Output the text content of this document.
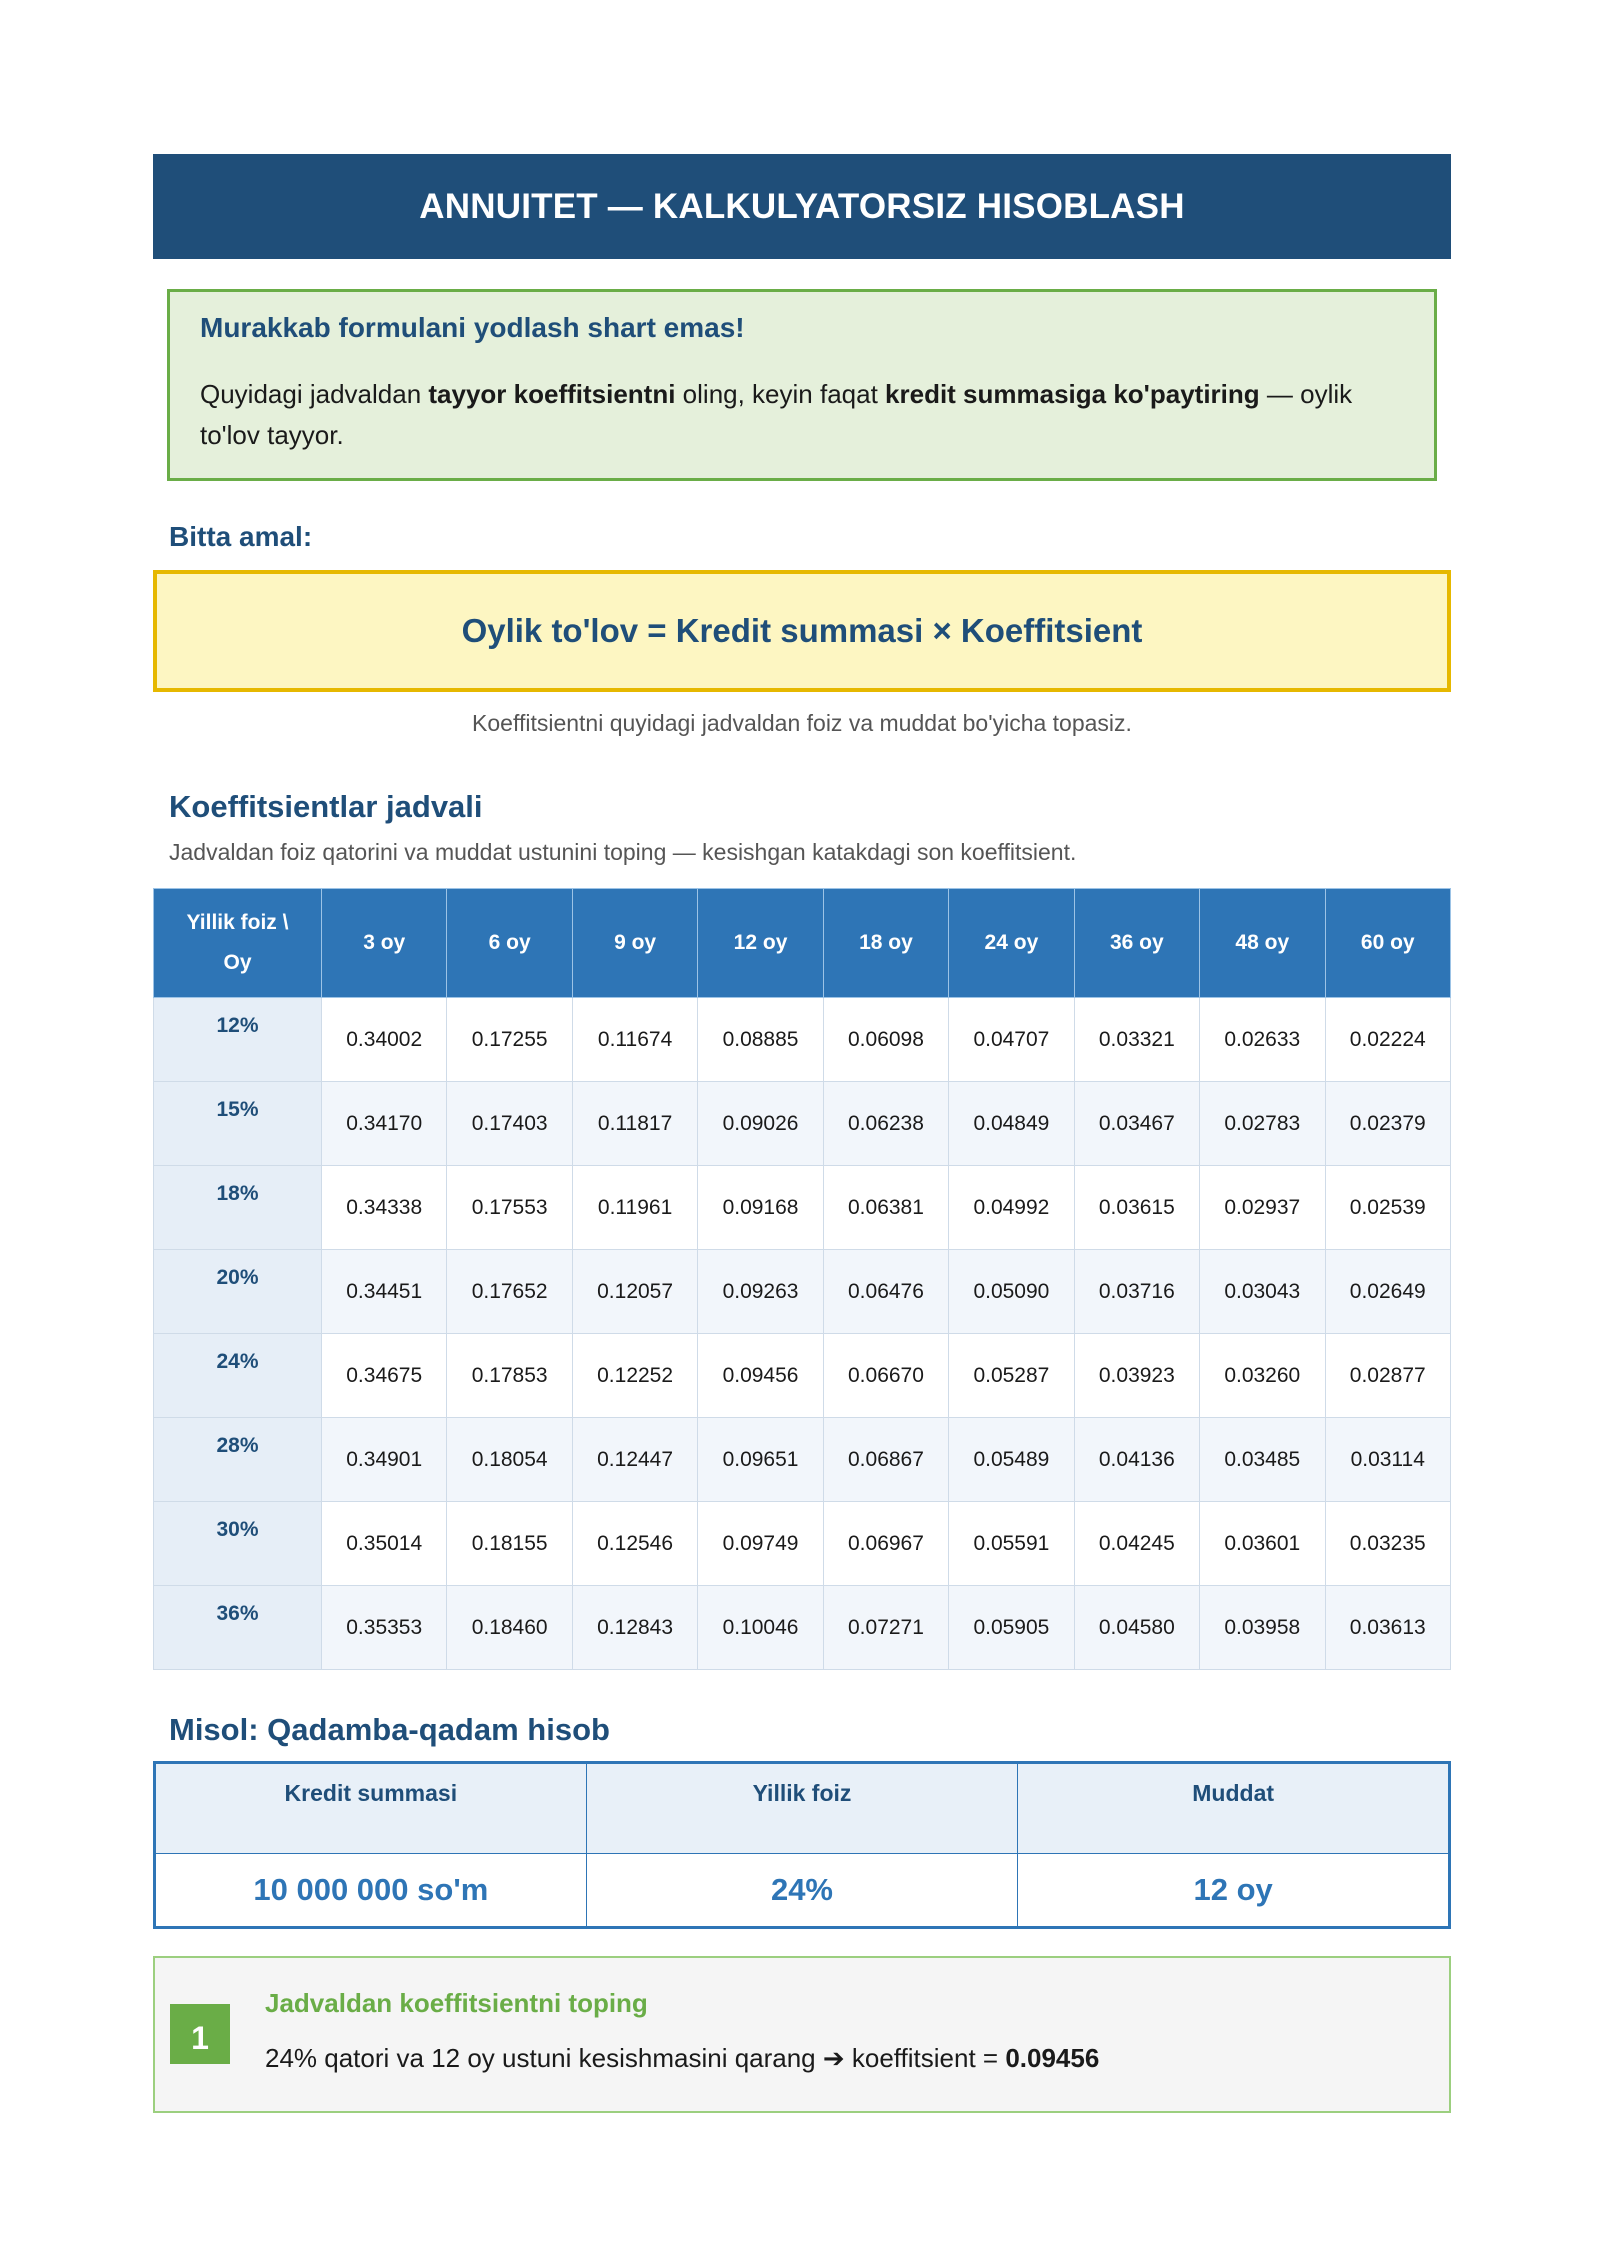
ANNUITET — KALKULYATORSIZ HISOBLASH
Murakkab formulani yodlash shart emas!
Quyidagi jadvaldan tayyor koeffitsientni oling, keyin faqat kredit summasiga ko'paytiring — oylik to'lov tayyor.
Bitta amal:
Oylik to'lov = Kredit summasi × Koeffitsient
Koeffitsientni quyidagi jadvaldan foiz va muddat bo'yicha topasiz.
Koeffitsientlar jadvali
Jadvaldan foiz qatorini va muddat ustunini toping — kesishgan katakdagi son koeffitsient.
Yillik foiz \
Oy	3 oy	6 oy	9 oy	12 oy	18 oy	24 oy	36 oy	48 oy	60 oy
12%	0.34002	0.17255	0.11674	0.08885	0.06098	0.04707	0.03321	0.02633	0.02224
15%	0.34170	0.17403	0.11817	0.09026	0.06238	0.04849	0.03467	0.02783	0.02379
18%	0.34338	0.17553	0.11961	0.09168	0.06381	0.04992	0.03615	0.02937	0.02539
20%	0.34451	0.17652	0.12057	0.09263	0.06476	0.05090	0.03716	0.03043	0.02649
24%	0.34675	0.17853	0.12252	0.09456	0.06670	0.05287	0.03923	0.03260	0.02877
28%	0.34901	0.18054	0.12447	0.09651	0.06867	0.05489	0.04136	0.03485	0.03114
30%	0.35014	0.18155	0.12546	0.09749	0.06967	0.05591	0.04245	0.03601	0.03235
36%	0.35353	0.18460	0.12843	0.10046	0.07271	0.05905	0.04580	0.03958	0.03613
Misol: Qadamba-qadam hisob
Kredit summasi	Yillik foiz	Muddat
10 000 000 so'm	24%	12 oy
1
Jadvaldan koeffitsientni toping
24% qatori va 12 oy ustuni kesishmasini qarang ➔ koeffitsient = 0.09456
